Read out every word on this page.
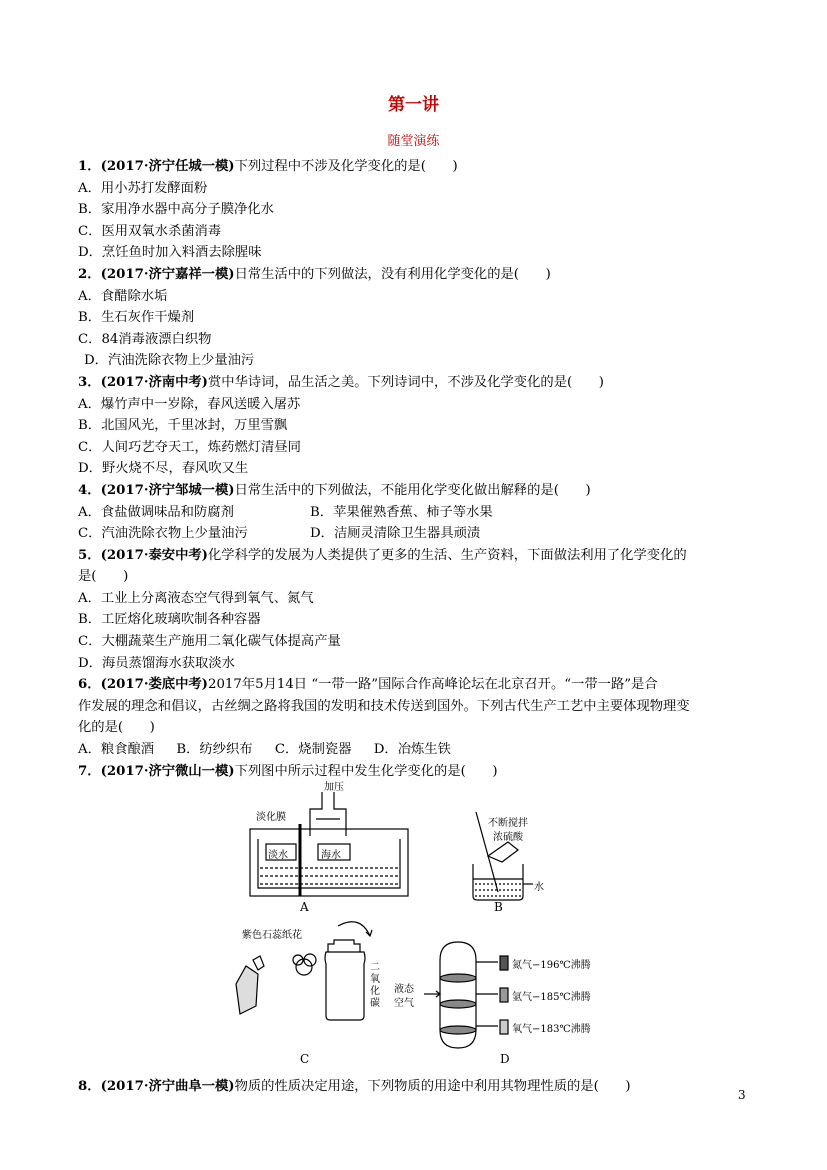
第一讲
随堂演练
1．(2017·济宁任城一模)下列过程中不涉及化学变化的是(　　)
A．用小苏打发酵面粉
B．家用净水器中高分子膜净化水
C．医用双氧水杀菌消毒
D．烹饪鱼时加入料酒去除腥味
2．(2017·济宁嘉祥一模)日常生活中的下列做法，没有利用化学变化的是(　　)
A．食醋除水垢
B．生石灰作干燥剂
C．84消毒液漂白织物
D．汽油洗除衣物上少量油污
3．(2017·济南中考)赏中华诗词，品生活之美。下列诗词中，不涉及化学变化的是(　　)
A．爆竹声中一岁除，春风送暖入屠苏
B．北国风光，千里冰封，万里雪飘
C．人间巧艺夺天工，炼药燃灯清昼同
D．野火烧不尽，春风吹又生
4．(2017·济宁邹城一模)日常生活中的下列做法，不能用化学变化做出解释的是(　　)
A．食盐做调味品和防腐剂	B．苹果催熟香蕉、柿子等水果
C．汽油洗除衣物上少量油污	D．洁厕灵清除卫生器具顽渍
5．(2017·泰安中考)化学科学的发展为人类提供了更多的生活、生产资料，下面做法利用了化学变化的
是(　　)
A．工业上分离液态空气得到氧气、氮气
B．工匠熔化玻璃吹制各种容器
C．大棚蔬菜生产施用二氧化碳气体提高产量
D．海员蒸馏海水获取淡水
6．(2017·娄底中考)2017年5月14日 “一带一路”国际合作高峰论坛在北京召开。“一带一路”是合
作发展的理念和倡议，古丝绸之路将我国的发明和技术传送到国外。下列古代生产工艺中主要体现物理变
化的是(　　)
A．粮食酿酒 B．纺纱织布 C．烧制瓷器 D．冶炼生铁
7．(2017·济宁微山一模)下列图中所示过程中发生化学变化的是(　　)
加压
淡化膜
淡水	海水
A
不断搅拌
浓硫酸
水
B
紫色石蕊纸花
二氧化碳
C
液态
空气
氮气−196℃沸腾
氩气−185℃沸腾
氧气−183℃沸腾
D
8．(2017·济宁曲阜一模)物质的性质决定用途，下列物质的用途中利用其物理性质的是(　　)
3
